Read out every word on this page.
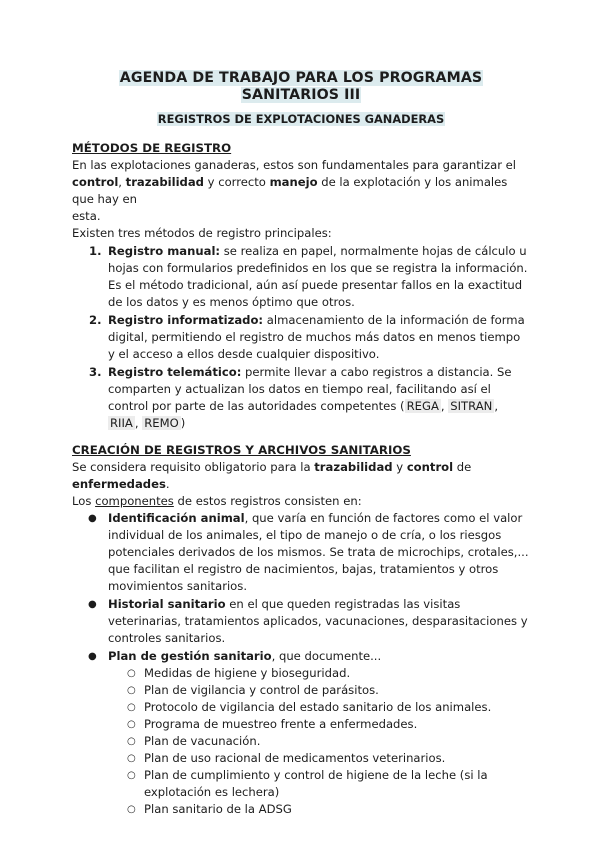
AGENDA DE TRABAJO PARA LOS PROGRAMAS
SANITARIOS III
REGISTROS DE EXPLOTACIONES GANADERAS
MÉTODOS DE REGISTRO

En las explotaciones ganaderas, estos son fundamentales para garantizar el
control, trazabilidad y correcto manejo de la explotación y los animales que hay en
esta.

Existen tres métodos de registro principales:

1. Registro manual: se realiza en papel, normalmente hojas de cálculo u hojas con formularios predefinidos en los que se registra la información. Es el método tradicional, aún así puede presentar fallos en la exactitud de los datos y es menos óptimo que otros.
2. Registro informatizado: almacenamiento de la información de forma digital, permitiendo el registro de muchos más datos en menos tiempo y el acceso a ellos desde cualquier dispositivo.
3. Registro telemático: permite llevar a cabo registros a distancia. Se comparten y actualizan los datos en tiempo real, facilitando así el control por parte de las autoridades competentes ( REGA , SITRAN , RIIA , REMO )
CREACIÓN DE REGISTROS Y ARCHIVOS SANITARIOS

Se considera requisito obligatorio para la trazabilidad y control de enfermedades.

Los componentes de estos registros consisten en:

● Identificación animal, que varía en función de factores como el valor individual de los animales, el tipo de manejo o de cría, o los riesgos potenciales derivados de los mismos. Se trata de microchips, crotales,... que facilitan el registro de nacimientos, bajas, tratamientos y otros movimientos sanitarios.
● Historial sanitario en el que queden registradas las visitas veterinarias, tratamientos aplicados, vacunaciones, desparasitaciones y controles sanitarios.
● Plan de gestión sanitario, que documente...
○ Medidas de higiene y bioseguridad.
○ Plan de vigilancia y control de parásitos.
○ Protocolo de vigilancia del estado sanitario de los animales.
○ Programa de muestreo frente a enfermedades.
○ Plan de vacunación.
○ Plan de uso racional de medicamentos veterinarios.
○ Plan de cumplimiento y control de higiene de la leche (si la explotación es lechera)
○ Plan sanitario de la ADSG
